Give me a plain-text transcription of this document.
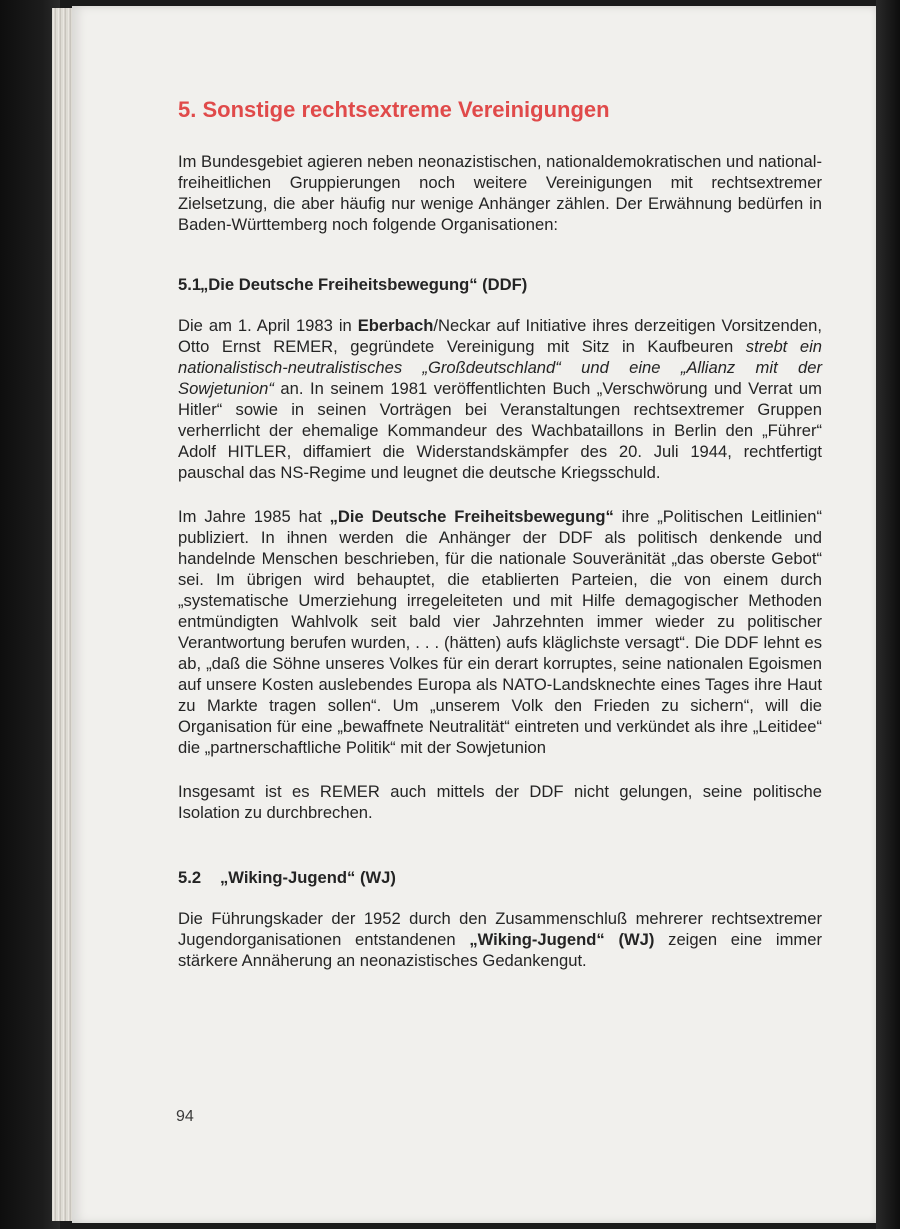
5. Sonstige rechtsextreme Vereinigungen

Im Bundesgebiet agieren neben neonazistischen, nationaldemokratischen und national-freiheitlichen Gruppierungen noch weitere Vereinigungen mit rechtsextremer Zielsetzung, die aber häufig nur wenige Anhänger zählen. Der Erwähnung bedürfen in Baden-Württemberg noch folgende Organisationen:

5.1„Die Deutsche Freiheitsbewegung“ (DDF)

Die am 1. April 1983 in Eberbach/Neckar auf Initiative ihres derzeitigen Vorsitzenden, Otto Ernst REMER, gegründete Vereinigung mit Sitz in Kaufbeuren strebt ein nationalistisch-neutralistisches „Großdeutschland“ und eine „Allianz mit der Sowjetunion“ an. In seinem 1981 veröffentlichten Buch „Verschwörung und Verrat um Hitler“ sowie in seinen Vorträgen bei Veranstaltungen rechtsextremer Gruppen verherrlicht der ehemalige Kommandeur des Wachbataillons in Berlin den „Führer“ Adolf HITLER, diffamiert die Widerstandskämpfer des 20. Juli 1944, rechtfertigt pauschal das NS-Regime und leugnet die deutsche Kriegsschuld.

Im Jahre 1985 hat „Die Deutsche Freiheitsbewegung“ ihre „Politischen Leitlinien“ publiziert. In ihnen werden die Anhänger der DDF als politisch denkende und handelnde Menschen beschrieben, für die nationale Souveränität „das oberste Gebot“ sei. Im übrigen wird behauptet, die etablierten Parteien, die von einem durch „systematische Umerziehung irregeleiteten und mit Hilfe demagogischer Methoden entmündigten Wahlvolk seit bald vier Jahrzehnten immer wieder zu politischer Verantwortung berufen wurden, . . . (hätten) aufs kläglichste versagt“. Die DDF lehnt es ab, „daß die Söhne unseres Volkes für ein derart korruptes, seine nationalen Egoismen auf unsere Kosten auslebendes Europa als NATO-Landsknechte eines Tages ihre Haut zu Markte tragen sollen“. Um „unserem Volk den Frieden zu sichern“, will die Organisation für eine „bewaffnete Neutralität“ eintreten und verkündet als ihre „Leitidee“ die „partnerschaftliche Politik“ mit der Sowjetunion

Insgesamt ist es REMER auch mittels der DDF nicht gelungen, seine politische Isolation zu durchbrechen.

5.2 „Wiking-Jugend“ (WJ)

Die Führungskader der 1952 durch den Zusammenschluß mehrerer rechtsextremer Jugendorganisationen entstandenen „Wiking-Jugend“ (WJ) zeigen eine immer stärkere Annäherung an neonazistisches Gedankengut.

94
